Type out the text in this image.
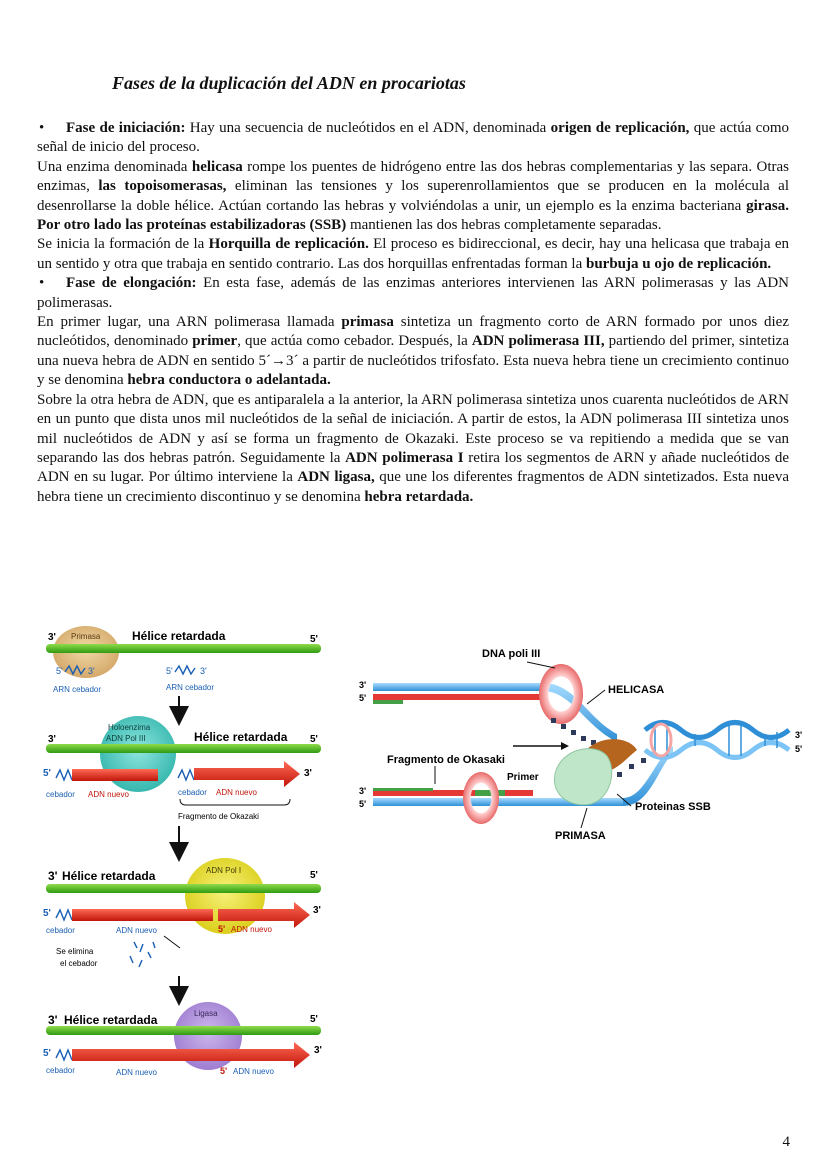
Fases de la duplicación del ADN en procariotas

• Fase de iniciación: Hay una secuencia de nucleótidos en el ADN, denominada origen de replicación, que actúa como señal de inicio del proceso.

Una enzima denominada helicasa rompe los puentes de hidrógeno entre las dos hebras complementarias y las separa. Otras enzimas, las topoisomerasas, eliminan las tensiones y los superenrollamientos que se producen en la molécula al desenrollarse la doble hélice. Actúan cortando las hebras y volviéndolas a unir, un ejemplo es la enzima bacteriana girasa. Por otro lado las proteínas estabilizadoras (SSB) mantienen las dos hebras completamente separadas.

Se inicia la formación de la Horquilla de replicación. El proceso es bidireccional, es decir, hay una helicasa que trabaja en un sentido y otra que trabaja en sentido contrario. Las dos horquillas enfrentadas forman la burbuja u ojo de replicación.

• Fase de elongación: En esta fase, además de las enzimas anteriores intervienen las ARN polimerasas y las ADN polimerasas.

En primer lugar, una ARN polimerasa llamada primasa sintetiza un fragmento corto de ARN formado por unos diez nucleótidos, denominado primer, que actúa como cebador. Después, la ADN polimerasa III, partiendo del primer, sintetiza una nueva hebra de ADN en sentido 5´→3´ a partir de nucleótidos trifosfato. Esta nueva hebra tiene un crecimiento continuo y se denomina hebra conductora o adelantada.

Sobre la otra hebra de ADN, que es antiparalela a la anterior, la ARN polimerasa sintetiza unos cuarenta nucleótidos de ARN en un punto que dista unos mil nucleótidos de la señal de iniciación. A partir de estos, la ADN polimerasa III sintetiza unos mil nucleótidos de ADN y así se forma un fragmento de Okazaki. Este proceso se va repitiendo a medida que se van separando las dos hebras patrón. Seguidamente la ADN polimerasa I retira los segmentos de ARN y añade nucleótidos de ADN en su lugar. Por último interviene la ADN ligasa, que une los diferentes fragmentos de ADN sintetizados. Esta nueva hebra tiene un crecimiento discontinuo y se denomina hebra retardada.

3' Primasa	Hélice retardada	5'
5'	3'
ARN cebador
5'	3'
ARN cebador
3'
Holoenzima
ADN Pol III	Hélice retardada 5'
5'	3'
cebador ADN nuevo	cebador ADN nuevo
Fragmento de Okazaki
3' Hélice retardada	ADN Pol I	5'
5'	3'
cebador	ADN nuevo	5' ADN nuevo
Se elimina
el cebador
3' Hélice retardada	Ligasa
5'
5'	3'
cebador	ADN nuevo	5' ADN nuevo
DNA poli III
HELICASA
Fragmento de Okasaki
Primer
Proteinas SSB
PRIMASA
3'
5'
3'
5'
3'
5'
4
